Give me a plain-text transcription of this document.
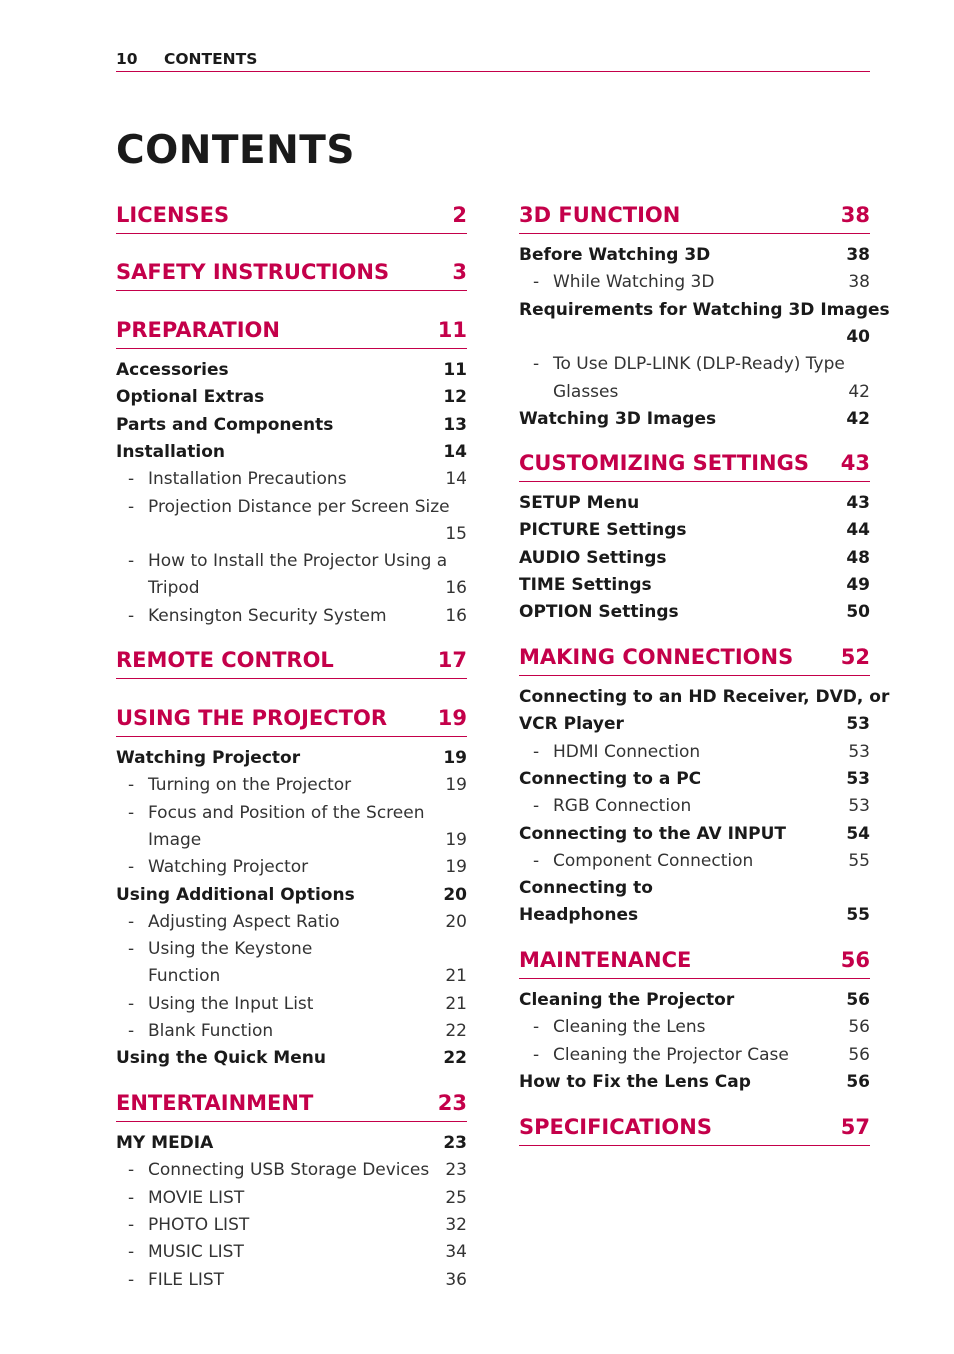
10 CONTENTS
CONTENTS
LICENSES	2
SAFETY INSTRUCTIONS	3
PREPARATION	11
Accessories	11
Optional Extras	12
Parts and Components	13
Installation	14
- Installation Precautions	14
- Projection Distance per Screen Size
15
- How to Install the Projector Using a
Tripod	16
- Kensington Security System	16
REMOTE CONTROL	17
USING THE PROJECTOR 19
Watching Projector	19
- Turning on the Projector	19
- Focus and Position of the Screen
Image	19
- Watching Projector	19
Using Additional Options	20
- Adjusting Aspect Ratio	20
- Using the Keystone
Function	21
- Using the Input List	21
- Blank Function	22
Using the Quick Menu	22
ENTERTAINMENT	23
MY MEDIA	23
- Connecting USB Storage Devices 23
- MOVIE LIST	25
- PHOTO LIST	32
- MUSIC LIST	34
- FILE LIST	36
3D FUNCTION	38
Before Watching 3D	38
- While Watching 3D	38
Requirements for Watching 3D Images
40
- To Use DLP-LINK (DLP-Ready) Type
Glasses	42
Watching 3D Images	42
CUSTOMIZING SETTINGS 43
SETUP Menu	43
PICTURE Settings	44
AUDIO Settings	48
TIME Settings	49
OPTION Settings	50
MAKING CONNECTIONS 52
Connecting to an HD Receiver, DVD, or
VCR Player	53
- HDMI Connection	53
Connecting to a PC	53
- RGB Connection	53
Connecting to the AV INPUT	54
- Component Connection	55
Connecting to
Headphones	55
MAINTENANCE	56
Cleaning the Projector	56
- Cleaning the Lens	56
- Cleaning the Projector Case	56
How to Fix the Lens Cap	56
SPECIFICATIONS	57
